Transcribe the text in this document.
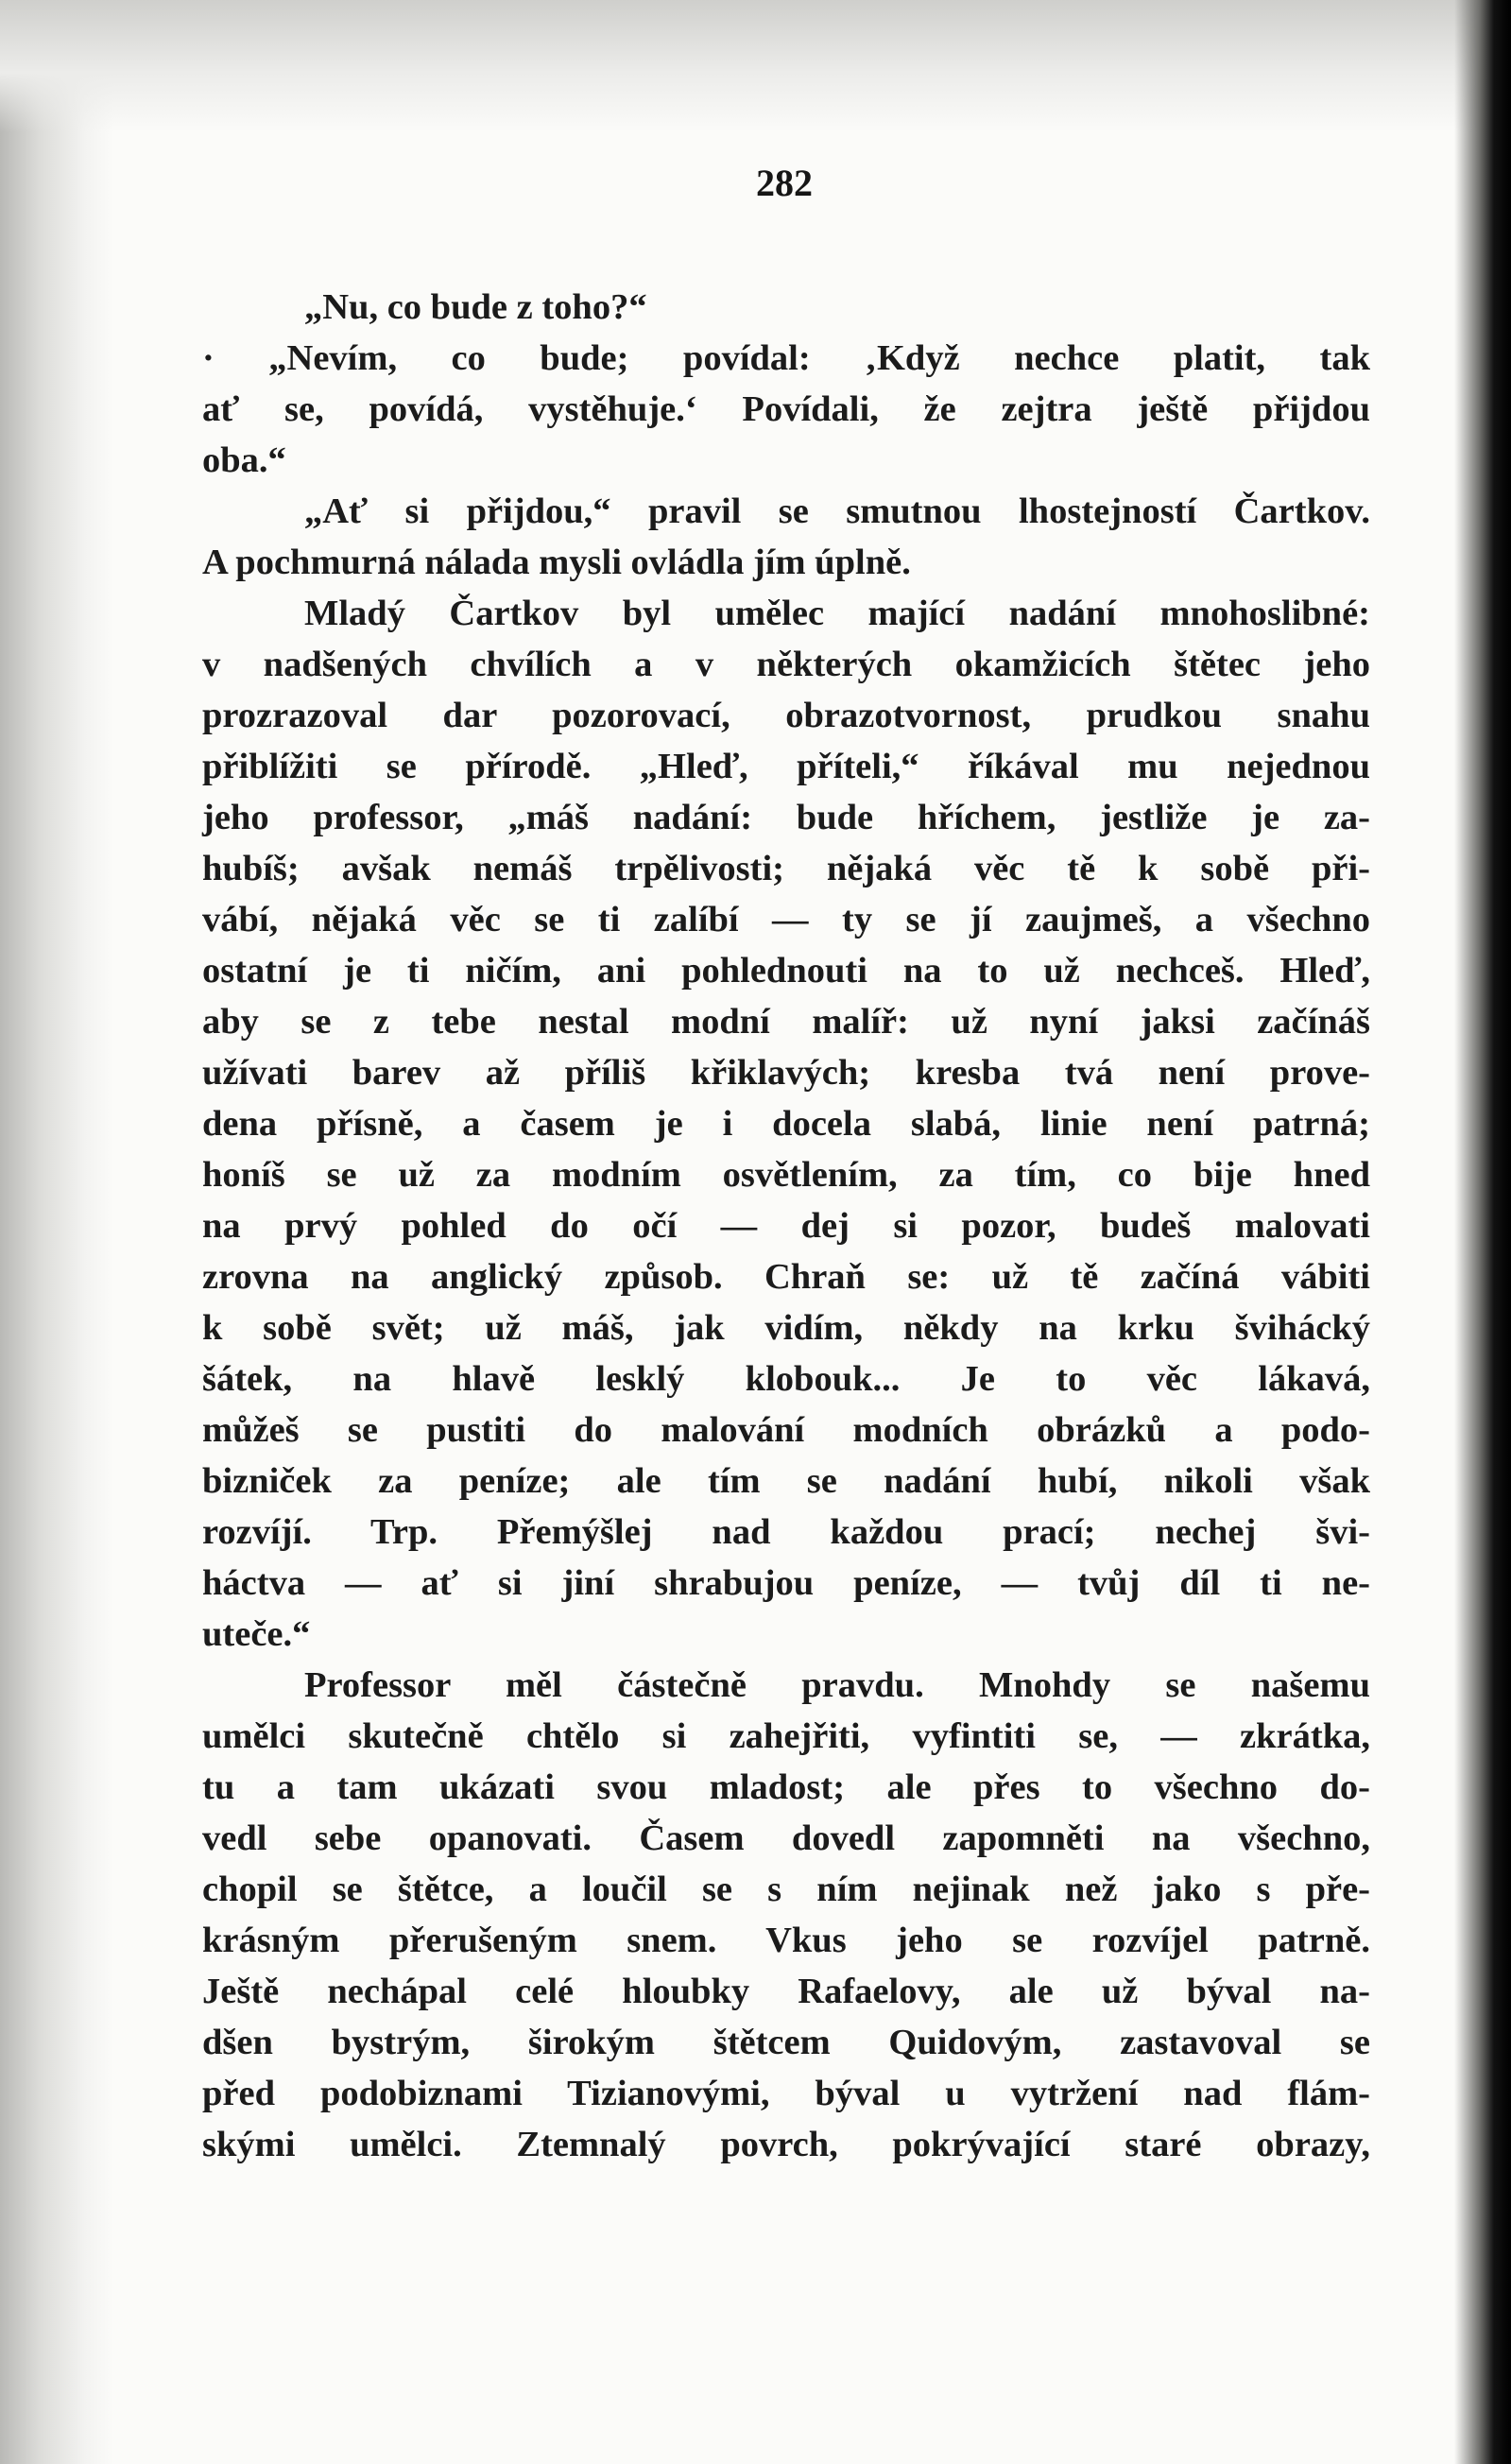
282

„Nu, co bude z toho?“
· „Nevím, co bude; povídal: ‚Když nechce platit, tak
ať se, povídá, vystěhuje.‘ Povídali, že zejtra ještě přijdou
oba.“
„Ať si přijdou,“ pravil se smutnou lhostejností Čartkov.
A pochmurná nálada mysli ovládla jím úplně.
Mladý Čartkov byl umělec mající nadání mnohoslibné:
v nadšených chvílích a v některých okamžicích štětec jeho
prozrazoval dar pozorovací, obrazotvornost, prudkou snahu
přiblížiti se přírodě. „Hleď, příteli,“ říkával mu nejednou
jeho professor, „máš nadání: bude hříchem, jestliže je za-
hubíš; avšak nemáš trpělivosti; nějaká věc tě k sobě při-
vábí, nějaká věc se ti zalíbí — ty se jí zaujmeš, a všechno
ostatní je ti ničím, ani pohlednouti na to už nechceš. Hleď,
aby se z tebe nestal modní malíř: už nyní jaksi začínáš
užívati barev až příliš křiklavých; kresba tvá není prove-
dena přísně, a časem je i docela slabá, linie není patrná;
honíš se už za modním osvětlením, za tím, co bije hned
na prvý pohled do očí — dej si pozor, budeš malovati
zrovna na anglický způsob. Chraň se: už tě začíná vábiti
k sobě svět; už máš, jak vidím, někdy na krku švihácký
šátek, na hlavě lesklý klobouk... Je to věc lákavá,
můžeš se pustiti do malování modních obrázků a podo-
bizniček za peníze; ale tím se nadání hubí, nikoli však
rozvíjí. Trp. Přemýšlej nad každou prací; nechej švi-
háctva — ať si jiní shrabujou peníze, — tvůj díl ti ne-
uteče.“
Professor měl částečně pravdu. Mnohdy se našemu
umělci skutečně chtělo si zahejřiti, vyfintiti se, — zkrátka,
tu a tam ukázati svou mladost; ale přes to všechno do-
vedl sebe opanovati. Časem dovedl zapomněti na všechno,
chopil se štětce, a loučil se s ním nejinak než jako s pře-
krásným přerušeným snem. Vkus jeho se rozvíjel patrně.
Ještě nechápal celé hloubky Rafaelovy, ale už býval na-
dšen bystrým, širokým štětcem Quidovým, zastavoval se
před podobiznami Tizianovými, býval u vytržení nad flám-
skými umělci. Ztemnalý povrch, pokrývající staré obrazy,
